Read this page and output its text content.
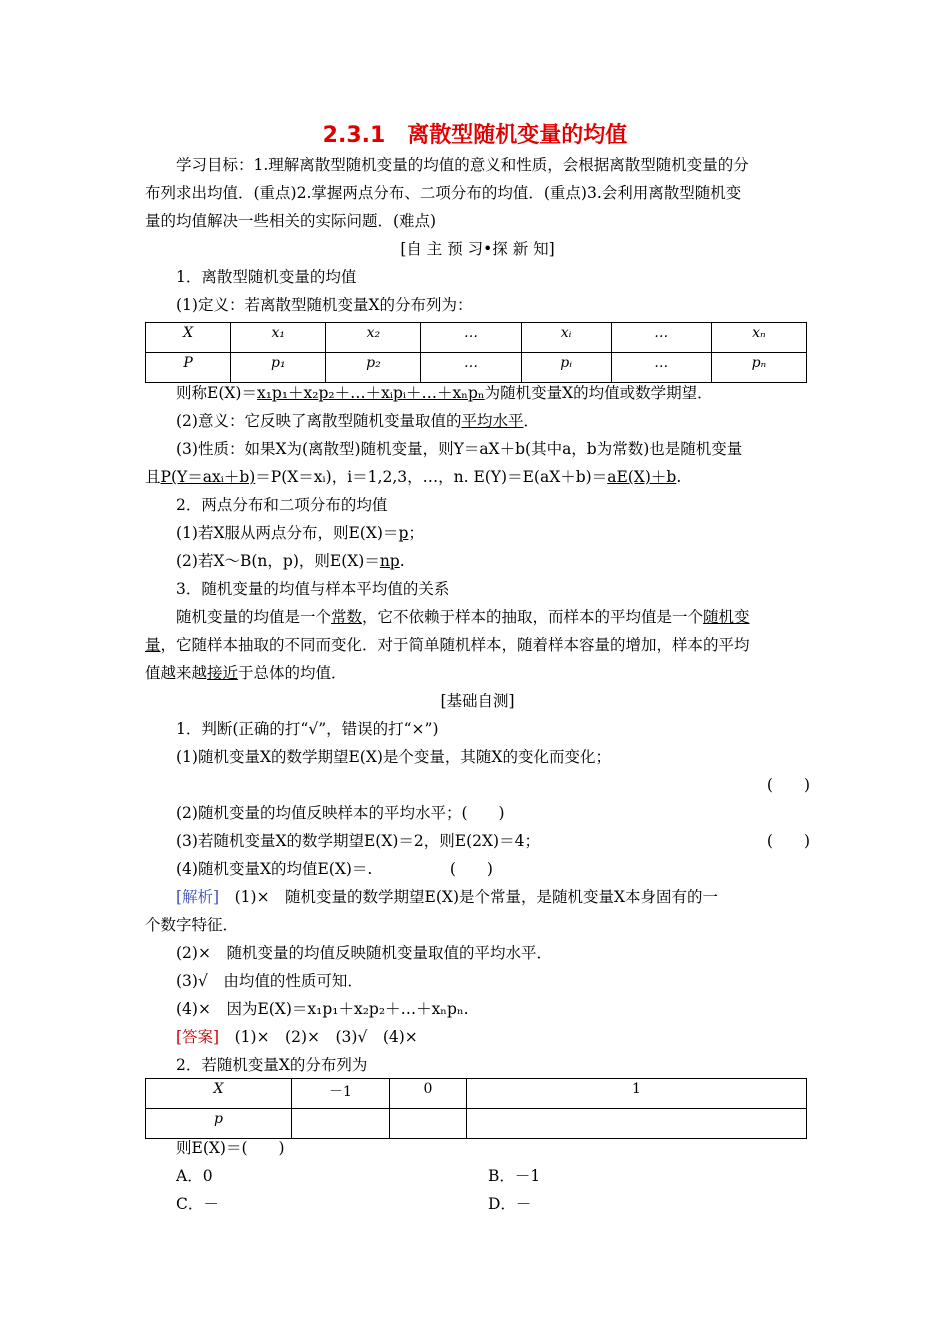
2.3.1　离散型随机变量的均值
学习目标：1.理解离散型随机变量的均值的意义和性质，会根据离散型随机变量的分
布列求出均值．(重点)2.掌握两点分布、二项分布的均值．(重点)3.会利用离散型随机变
量的均值解决一些相关的实际问题．(难点)
[自 主 预 习•探 新 知]
1．离散型随机变量的均值
(1)定义：若离散型随机变量X的分布列为：
X	x₁	x₂	…	xᵢ	…	xₙ
P	p₁	p₂	…	pᵢ	…	pₙ
则称E(X)＝x₁p₁＋x₂p₂＋…＋xᵢpᵢ＋…＋xₙpₙ为随机变量X的均值或数学期望．
(2)意义：它反映了离散型随机变量取值的平均水平．
(3)性质：如果X为(离散型)随机变量，则Y＝aX＋b(其中a，b为常数)也是随机变量
且P(Y＝axᵢ＋b)＝P(X＝xᵢ)，i＝1,2,3，…，n. E(Y)＝E(aX＋b)＝aE(X)＋b.
2．两点分布和二项分布的均值
(1)若X服从两点分布，则E(X)＝p；
(2)若X～B(n，p)，则E(X)＝np.
3．随机变量的均值与样本平均值的关系
随机变量的均值是一个常数，它不依赖于样本的抽取，而样本的平均值是一个随机变
量，它随样本抽取的不同而变化．对于简单随机样本，随着样本容量的增加，样本的平均
值越来越接近于总体的均值．
[基础自测]
1．判断(正确的打“√”，错误的打“×”)
(1)随机变量X的数学期望E(X)是个变量，其随X的变化而变化；
(　　)
(2)随机变量的均值反映样本的平均水平；(　　)
(3)若随机变量X的数学期望E(X)＝2，则E(2X)＝4；	(　　)
(4)随机变量X的均值E(X)＝.　　　　　(　　)
[解析]　(1)×　随机变量的数学期望E(X)是个常量，是随机变量X本身固有的一
个数字特征．
(2)×　随机变量的均值反映随机变量取值的平均水平．
(3)√　由均值的性质可知．
(4)×　因为E(X)＝x₁p₁＋x₂p₂＋…＋xₙpₙ.
[答案]　(1)×　(2)×　(3)√　(4)×
2．若随机变量X的分布列为
X	－1	0	1
p			
则E(X)＝(　　)
A．0	B．－1
C．－	D．－
